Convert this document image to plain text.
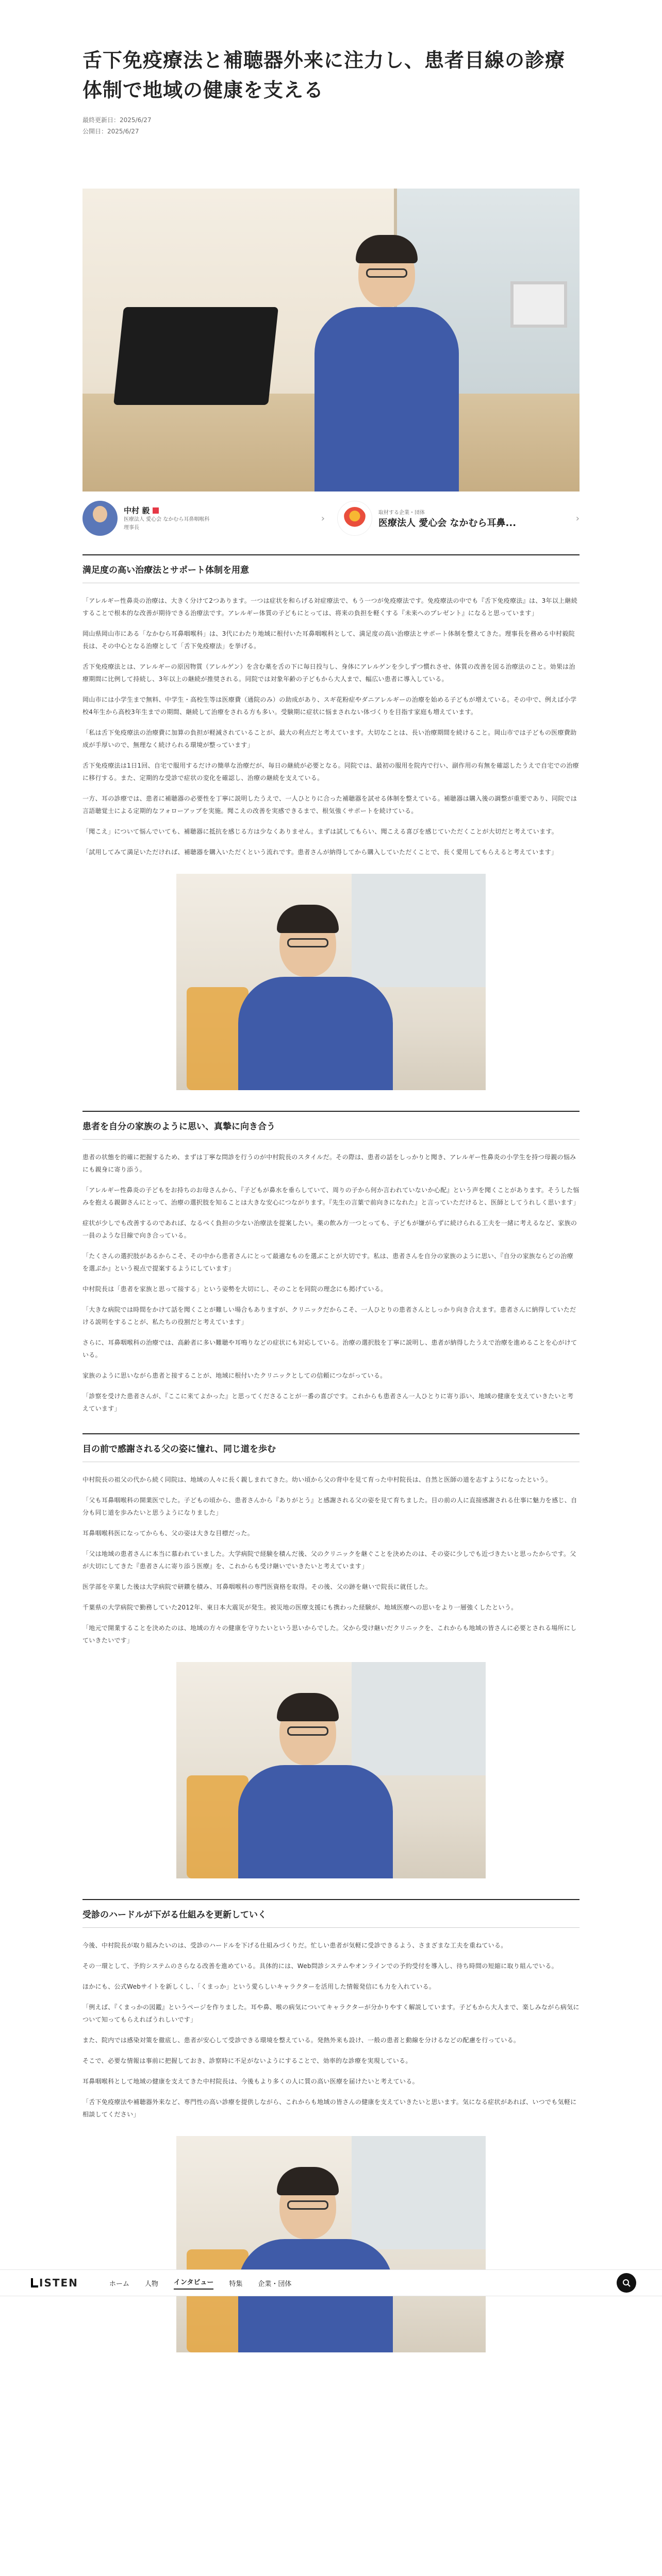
舌下免疫療法と補聴器外来に注力し、患者目線の診療体制で地域の健康を支える
最終更新日：2025/6/27
公開日：2025/6/27
中村 毅
医療法人 愛心会 なかむら耳鼻咽喉科
理事長
›
取材する企業・団体
医療法人 愛心会 なかむら耳鼻...	›
満足度の高い治療法とサポート体制を用意

「アレルギー性鼻炎の治療は、大きく分けて2つあります。一つは症状を和らげる対症療法で、もう一つが免疫療法です。免疫療法の中でも『舌下免疫療法』は、3年以上継続することで根本的な改善が期待できる治療法です。アレルギー体質の子どもにとっては、将来の負担を軽くする『未来へのプレゼント』になると思っています」

岡山県岡山市にある「なかむら耳鼻咽喉科」は、3代にわたり地域に根付いた耳鼻咽喉科として、満足度の高い治療法とサポート体制を整えてきた。理事長を務める中村毅院長は、その中心となる治療として「舌下免疫療法」を挙げる。

舌下免疫療法とは、アレルギーの原因物質（アレルゲン）を含む薬を舌の下に毎日投与し、身体にアレルゲンを少しずつ慣れさせ、体質の改善を図る治療法のこと。効果は治療期間に比例して持続し、3年以上の継続が推奨される。同院では対象年齢の子どもから大人まで、幅広い患者に導入している。

岡山市には小学生まで無料、中学生・高校生等は医療費（通院のみ）の助成があり、スギ花粉症やダニアレルギーの治療を始める子どもが増えている。その中で、例えば小学校4年生から高校3年生までの期間、継続して治療をされる方も多い。受験期に症状に悩まされない体づくりを目指す家庭も増えています。

「私は舌下免疫療法の治療費に加算の負担が軽減されていることが、最大の利点だと考えています。大切なことは、長い治療期間を続けること。岡山市では子どもの医療費助成が手厚いので、無理なく続けられる環境が整っています」

舌下免疫療法は1日1回、自宅で服用するだけの簡単な治療だが、毎日の継続が必要となる。同院では、最初の服用を院内で行い、副作用の有無を確認したうえで自宅での治療に移行する。また、定期的な受診で症状の変化を確認し、治療の継続を支えている。

一方、耳の診療では、患者に補聴器の必要性を丁寧に説明したうえで、一人ひとりに合った補聴器を試せる体制を整えている。補聴器は購入後の調整が重要であり、同院では言語聴覚士による定期的なフォローアップを実施。聞こえの改善を実感できるまで、根気強くサポートを続けている。

「聞こえ」について悩んでいても、補聴器に抵抗を感じる方は少なくありません。まずは試してもらい、聞こえる喜びを感じていただくことが大切だと考えています。

「試用してみて満足いただければ、補聴器を購入いただくという流れです。患者さんが納得してから購入していただくことで、長く愛用してもらえると考えています」

患者を自分の家族のように思い、真摯に向き合う

患者の状態を的確に把握するため、まずは丁寧な問診を行うのが中村院長のスタイルだ。その際は、患者の話をしっかりと聞き、アレルギー性鼻炎の小学生を持つ母親の悩みにも親身に寄り添う。

「アレルギー性鼻炎の子どもをお持ちのお母さんから、『子どもが鼻水を垂らしていて、周りの子から何か言われていないか心配』という声を聞くことがあります。そうした悩みを抱える親御さんにとって、治療の選択肢を知ることは大きな安心につながります。『先生の言葉で前向きになれた』と言っていただけると、医師としてうれしく思います」

症状が少しでも改善するのであれば、なるべく負担の少ない治療法を提案したい。薬の飲み方一つとっても、子どもが嫌がらずに続けられる工夫を一緒に考えるなど、家族の一員のような目線で向き合っている。

「たくさんの選択肢があるからこそ、その中から患者さんにとって最適なものを選ぶことが大切です。私は、患者さんを自分の家族のように思い、『自分の家族ならどの治療を選ぶか』という視点で提案するようにしています」

中村院長は「患者を家族と思って接する」という姿勢を大切にし、そのことを同院の理念にも掲げている。

「大きな病院では時間をかけて話を聞くことが難しい場合もありますが、クリニックだからこそ、一人ひとりの患者さんとしっかり向き合えます。患者さんに納得していただける説明をすることが、私たちの役割だと考えています」

さらに、耳鼻咽喉科の治療では、高齢者に多い難聴や耳鳴りなどの症状にも対応している。治療の選択肢を丁寧に説明し、患者が納得したうえで治療を進めることを心がけている。

家族のように思いながら患者と接することが、地域に根付いたクリニックとしての信頼につながっている。

「診察を受けた患者さんが、『ここに来てよかった』と思ってくださることが一番の喜びです。これからも患者さん一人ひとりに寄り添い、地域の健康を支えていきたいと考えています」

目の前で感謝される父の姿に憧れ、同じ道を歩む

中村院長の祖父の代から続く同院は、地域の人々に長く親しまれてきた。幼い頃から父の背中を見て育った中村院長は、自然と医師の道を志すようになったという。

「父も耳鼻咽喉科の開業医でした。子どもの頃から、患者さんから『ありがとう』と感謝される父の姿を見て育ちました。目の前の人に直接感謝される仕事に魅力を感じ、自分も同じ道を歩みたいと思うようになりました」

耳鼻咽喉科医になってからも、父の姿は大きな目標だった。

「父は地域の患者さんに本当に慕われていました。大学病院で経験を積んだ後、父のクリニックを継ぐことを決めたのは、その姿に少しでも近づきたいと思ったからです。父が大切にしてきた『患者さんに寄り添う医療』を、これからも受け継いでいきたいと考えています」

医学部を卒業した後は大学病院で研鑽を積み、耳鼻咽喉科の専門医資格を取得。その後、父の跡を継いで院長に就任した。

千葉県の大学病院で勤務していた2012年、東日本大震災が発生。被災地の医療支援にも携わった経験が、地域医療への思いをより一層強くしたという。

「地元で開業することを決めたのは、地域の方々の健康を守りたいという思いからでした。父から受け継いだクリニックを、これからも地域の皆さんに必要とされる場所にしていきたいです」

受診のハードルが下がる仕組みを更新していく

今後、中村院長が取り組みたいのは、受診のハードルを下げる仕組みづくりだ。忙しい患者が気軽に受診できるよう、さまざまな工夫を重ねている。

その一環として、予約システムのさらなる改善を進めている。具体的には、Web問診システムやオンラインでの予約受付を導入し、待ち時間の短縮に取り組んでいる。

ほかにも、公式Webサイトを新しくし、「くまっか」という愛らしいキャラクターを活用した情報発信にも力を入れている。

「例えば、『くまっかの図鑑』というページを作りました。耳や鼻、喉の病気についてキャラクターが分かりやすく解説しています。子どもから大人まで、楽しみながら病気について知ってもらえればうれしいです」

また、院内では感染対策を徹底し、患者が安心して受診できる環境を整えている。発熱外来も設け、一般の患者と動線を分けるなどの配慮を行っている。

そこで、必要な情報は事前に把握しておき、診察時に不足がないようにすることで、効率的な診療を実現している。

耳鼻咽喉科として地域の健康を支えてきた中村院長は、今後もより多くの人に質の高い医療を届けたいと考えている。

「舌下免疫療法や補聴器外来など、専門性の高い診療を提供しながら、これからも地域の皆さんの健康を支えていきたいと思います。気になる症状があれば、いつでも気軽に相談してください」

ISTEN	ホーム 人物 インタビュー 特集 企業・団体
